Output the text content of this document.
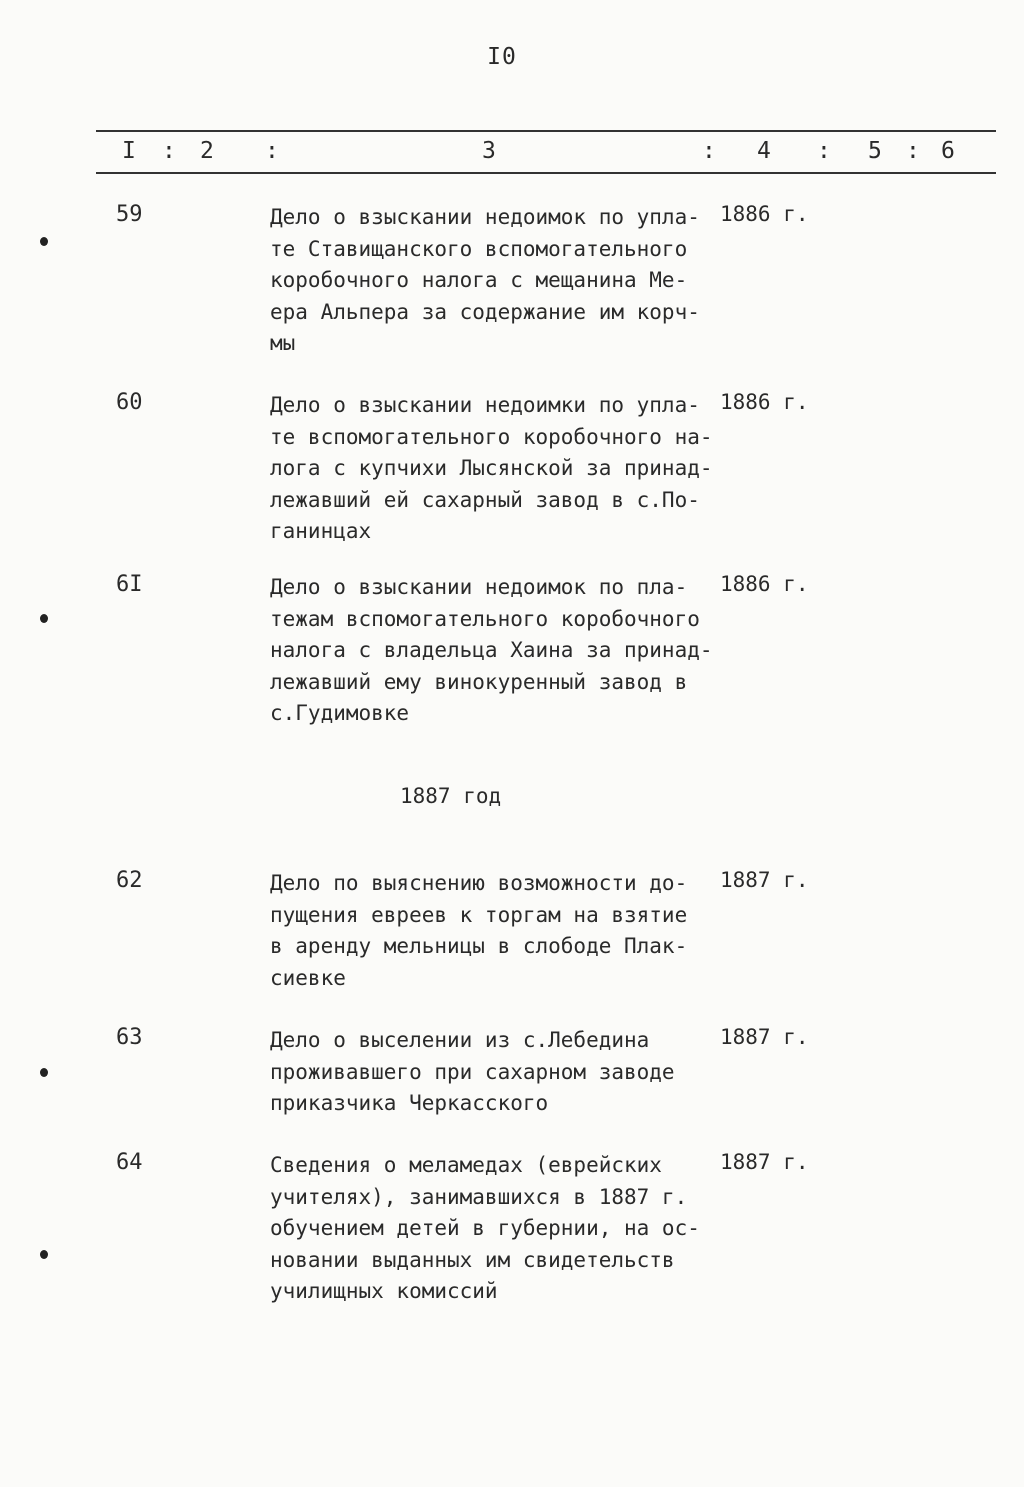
I0
I : 2 :	3	: 4 : 5 : 6
59	Дело о взыскании недоимок по упла-
те Ставищанского вспомогательного
коробочного налога с мещанина Ме-
ера Альпера за содержание им корч-
мы

1886 г.
60	Дело о взыскании недоимки по упла-
те вспомогательного коробочного на-
лога с купчихи Лысянской за принад-
лежавший ей сахарный завод в с.По-
ганинцах

1886 г.
6I	Дело о взыскании недоимок по пла-
тежам вспомогательного коробочного
налога с владельца Хаина за принад-
лежавший ему винокуренный завод в
с.Гудимовке

1886 г.
1887 год
62	Дело по выяснению возможности до-
пущения евреев к торгам на взятие
в аренду мельницы в слободе Плак-
сиевке

1887 г.
63	Дело о выселении из с.Лебедина
проживавшего при сахарном заводе
приказчика Черкасского

1887 г.
64	Сведения о меламедах (еврейских
учителях), занимавшихся в 1887 г.
обучением детей в губернии, на ос-
новании выданных им свидетельств
училищных комиссий

1887 г.
